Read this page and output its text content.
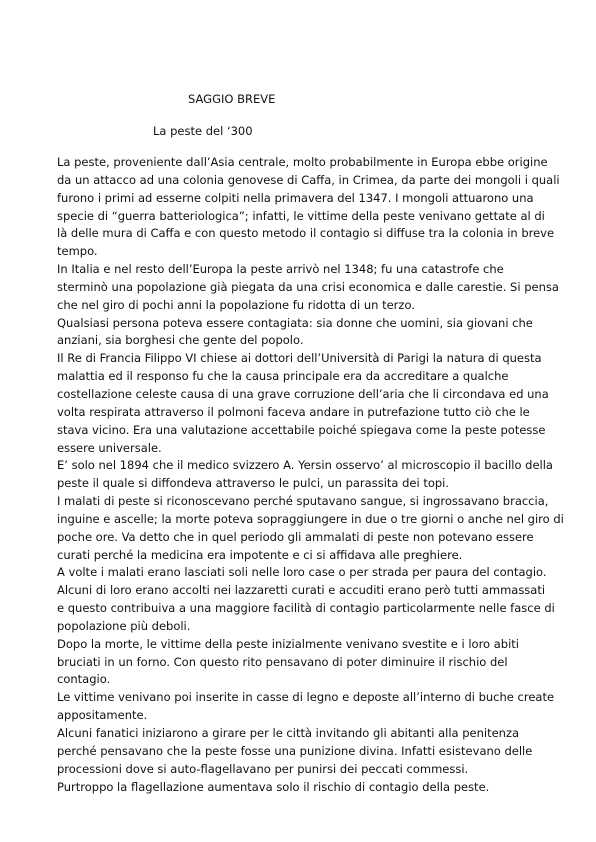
SAGGIO BREVE
La peste del ‘300
La peste, proveniente dall’Asia centrale, molto probabilmente in Europa ebbe origine
da un attacco ad una colonia genovese di Caffa, in Crimea, da parte dei mongoli i quali
furono i primi ad esserne colpiti nella primavera del 1347. I mongoli attuarono una
specie di “guerra batteriologica”; infatti, le vittime della peste venivano gettate al di
là delle mura di Caffa e con questo metodo il contagio si diffuse tra la colonia in breve
tempo.
In Italia e nel resto dell’Europa la peste arrivò nel 1348; fu una catastrofe che
sterminò una popolazione già piegata da una crisi economica e dalle carestie. Si pensa
che nel giro di pochi anni la popolazione fu ridotta di un terzo.
Qualsiasi persona poteva essere contagiata: sia donne che uomini, sia giovani che
anziani, sia borghesi che gente del popolo.
Il Re di Francia Filippo VI chiese ai dottori dell’Università di Parigi la natura di questa
malattia ed il responso fu che la causa principale era da accreditare a qualche
costellazione celeste causa di una grave corruzione dell’aria che li circondava ed una
volta respirata attraverso il polmoni faceva andare in putrefazione tutto ciò che le
stava vicino. Era una valutazione accettabile poiché spiegava come la peste potesse
essere universale.
E’ solo nel 1894 che il medico svizzero A. Yersin osservo’ al microscopio il bacillo della
peste il quale si diffondeva attraverso le pulci, un parassita dei topi.
I malati di peste si riconoscevano perché sputavano sangue, si ingrossavano braccia,
inguine e ascelle; la morte poteva sopraggiungere in due o tre giorni o anche nel giro di
poche ore. Va detto che in quel periodo gli ammalati di peste non potevano essere
curati perché la medicina era impotente e ci si affidava alle preghiere.
A volte i malati erano lasciati soli nelle loro case o per strada per paura del contagio.
Alcuni di loro erano accolti nei lazzaretti curati e accuditi erano però tutti ammassati
e questo contribuiva a una maggiore facilità di contagio particolarmente nelle fasce di
popolazione più deboli.
Dopo la morte, le vittime della peste inizialmente venivano svestite e i loro abiti
bruciati in un forno. Con questo rito pensavano di poter diminuire il rischio del
contagio.
Le vittime venivano poi inserite in casse di legno e deposte all’interno di buche create
appositamente.
Alcuni fanatici iniziarono a girare per le città invitando gli abitanti alla penitenza
perché pensavano che la peste fosse una punizione divina. Infatti esistevano delle
processioni dove si auto-flagellavano per punirsi dei peccati commessi.
Purtroppo la flagellazione aumentava solo il rischio di contagio della peste.
